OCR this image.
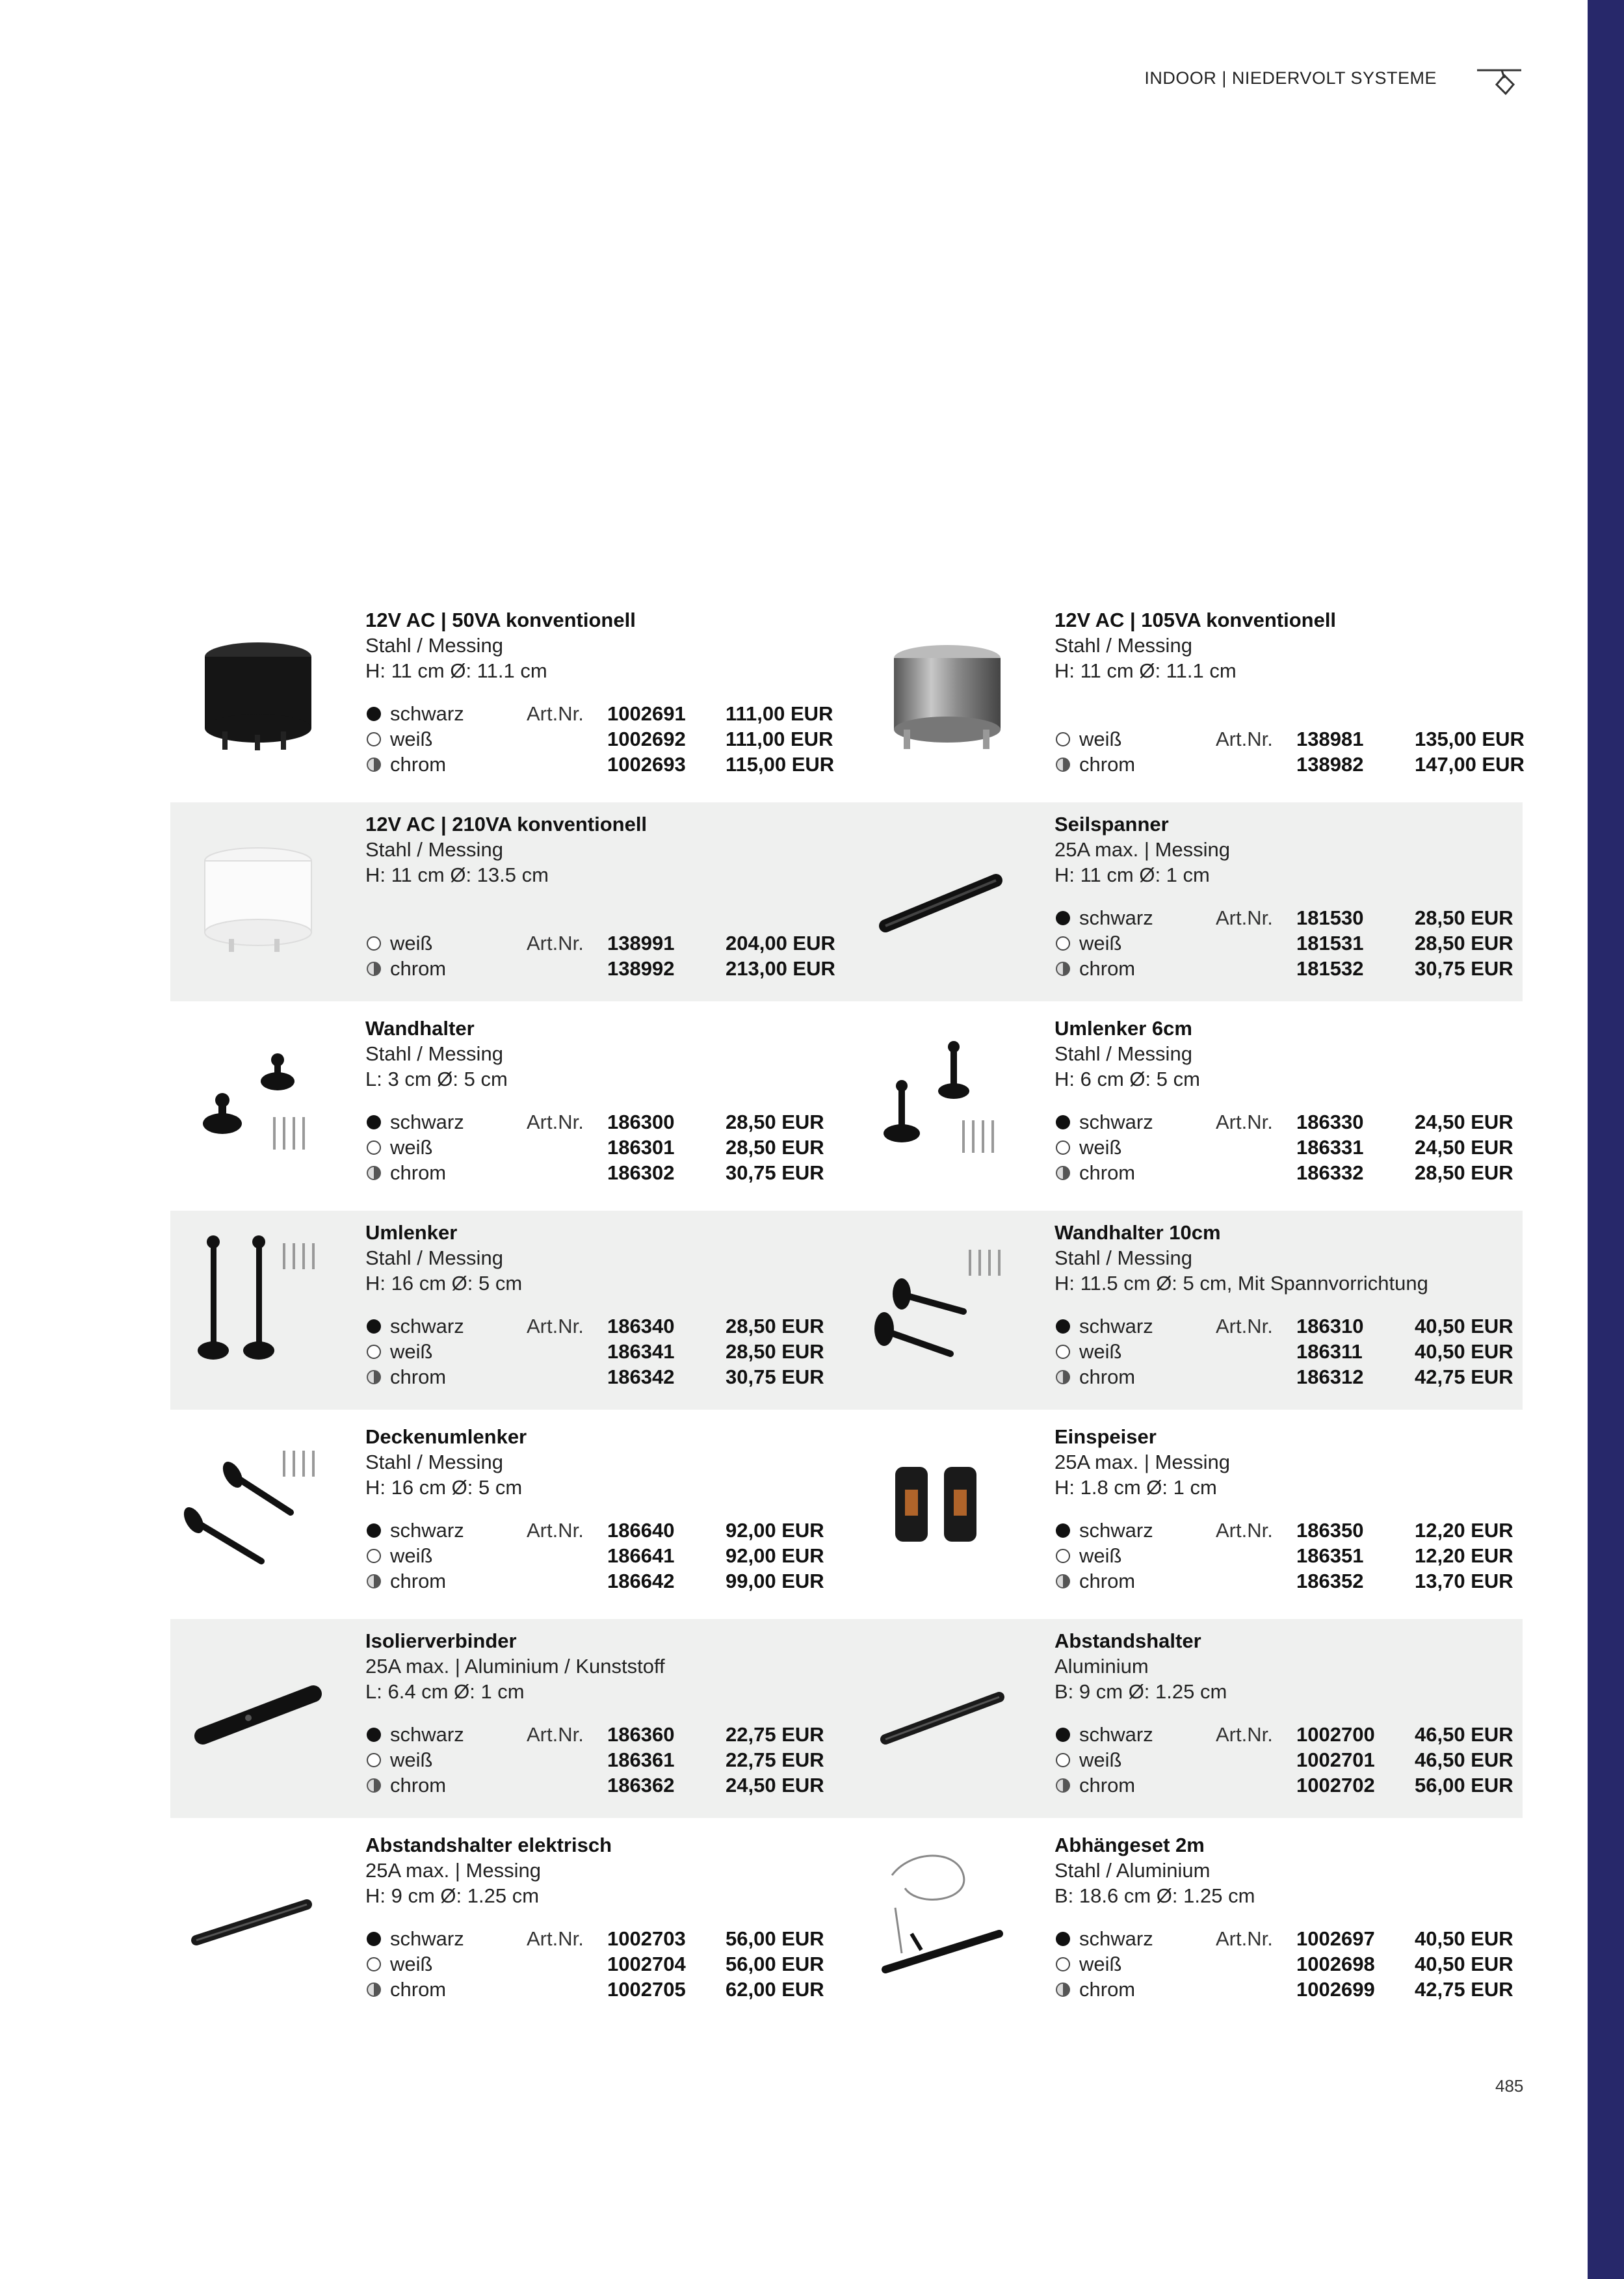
INDOOR | NIEDERVOLT SYSTEME
12V AC | 50VA konventionell
Stahl / Messing
H: 11 cm Ø: 11.1 cm
schwarz	Art.Nr. 1002691 111,00 EUR
weiß	1002692 111,00 EUR
chrom	1002693 115,00 EUR
12V AC | 105VA konventionell
Stahl / Messing
H: 11 cm Ø: 11.1 cm
weiß	Art.Nr. 138981	135,00 EUR
chrom	138982	147,00 EUR
12V AC | 210VA konventionell
Stahl / Messing
H: 11 cm Ø: 13.5 cm
weiß	Art.Nr. 138991	204,00 EUR
chrom	138992	213,00 EUR
Seilspanner
25A max. | Messing
H: 11 cm Ø: 1 cm
schwarz	Art.Nr. 181530	28,50 EUR
weiß	181531	28,50 EUR
chrom	181532	30,75 EUR
Wandhalter
Stahl / Messing
L: 3 cm Ø: 5 cm
schwarz	Art.Nr. 186300	28,50 EUR
weiß	186301	28,50 EUR
chrom	186302	30,75 EUR
Umlenker 6cm
Stahl / Messing
H: 6 cm Ø: 5 cm
schwarz	Art.Nr. 186330	24,50 EUR
weiß	186331	24,50 EUR
chrom	186332	28,50 EUR
Umlenker
Stahl / Messing
H: 16 cm Ø: 5 cm
schwarz	Art.Nr. 186340	28,50 EUR
weiß	186341	28,50 EUR
chrom	186342	30,75 EUR
Wandhalter 10cm
Stahl / Messing
H: 11.5 cm Ø: 5 cm, Mit Spannvorrichtung
schwarz	Art.Nr. 186310	40,50 EUR
weiß	186311	40,50 EUR
chrom	186312	42,75 EUR
Deckenumlenker
Stahl / Messing
H: 16 cm Ø: 5 cm
schwarz	Art.Nr. 186640	92,00 EUR
weiß	186641	92,00 EUR
chrom	186642	99,00 EUR
Einspeiser
25A max. | Messing
H: 1.8 cm Ø: 1 cm
schwarz	Art.Nr. 186350	12,20 EUR
weiß	186351	12,20 EUR
chrom	186352	13,70 EUR
Isolierverbinder
25A max. | Aluminium / Kunststoff
L: 6.4 cm Ø: 1 cm
schwarz	Art.Nr. 186360	22,75 EUR
weiß	186361	22,75 EUR
chrom	186362	24,50 EUR
Abstandshalter
Aluminium
B: 9 cm Ø: 1.25 cm
schwarz	Art.Nr. 1002700 46,50 EUR
weiß	1002701 46,50 EUR
chrom	1002702 56,00 EUR
Abstandshalter elektrisch
25A max. | Messing
H: 9 cm Ø: 1.25 cm
schwarz	Art.Nr. 1002703 56,00 EUR
weiß	1002704 56,00 EUR
chrom	1002705 62,00 EUR
Abhängeset 2m
Stahl / Aluminium
B: 18.6 cm Ø: 1.25 cm
schwarz	Art.Nr. 1002697 40,50 EUR
weiß	1002698 40,50 EUR
chrom	1002699 42,75 EUR
485
